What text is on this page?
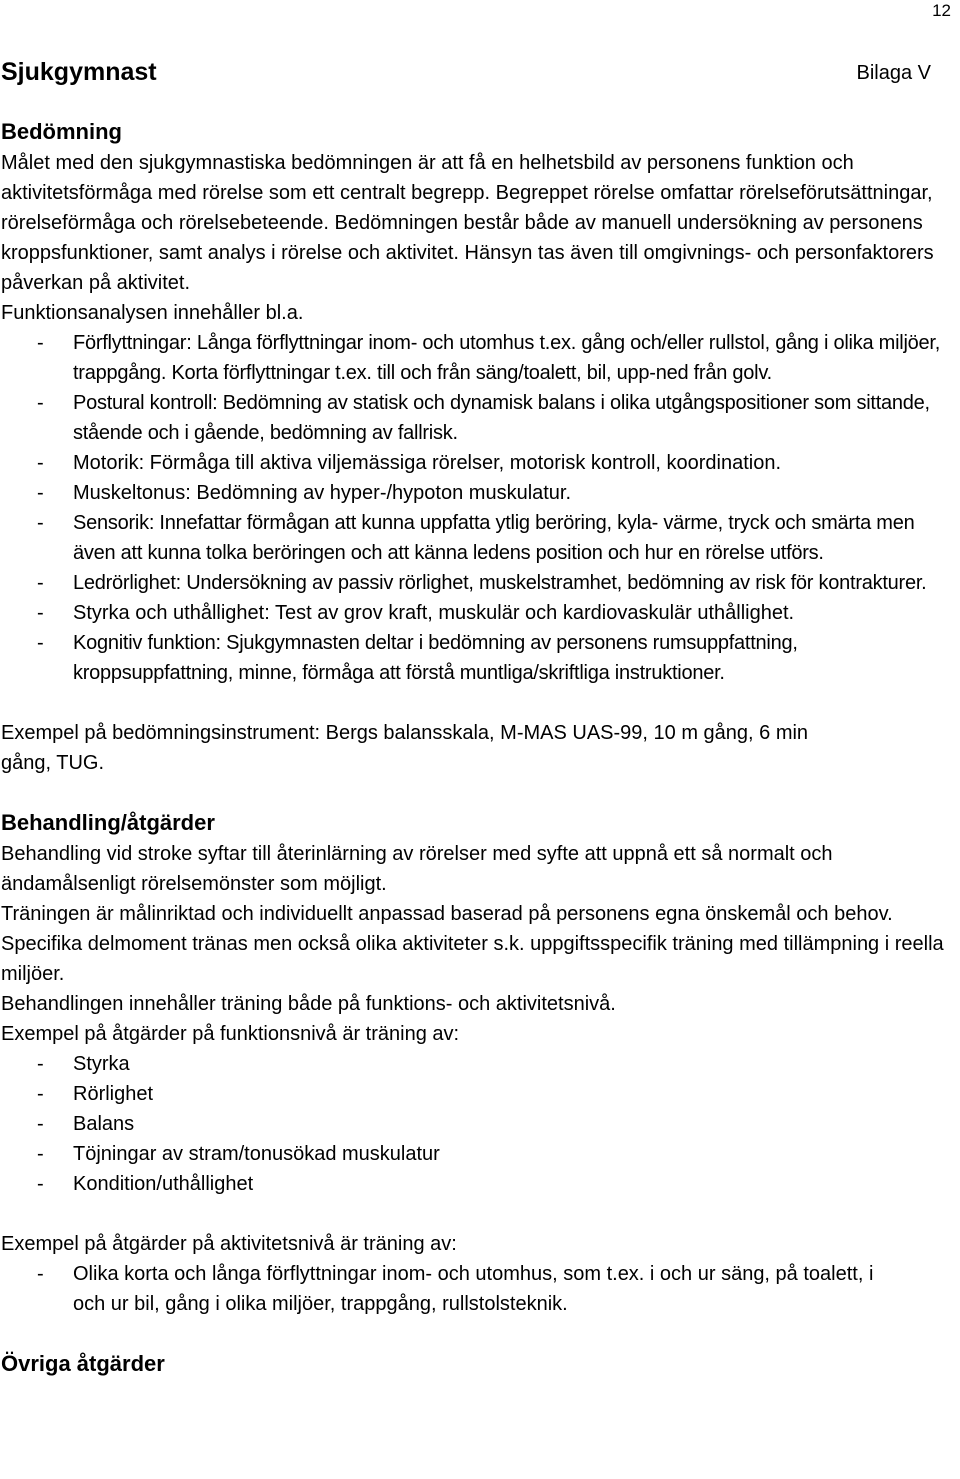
12
Sjukgymnast	Bilaga V
Bedömning

Målet med den sjukgymnastiska bedömningen är att få en helhetsbild av personens funktion och aktivitetsförmåga med rörelse som ett centralt begrepp. Begreppet rörelse omfattar rörelseförutsättningar, rörelseförmåga och rörelsebeteende. Bedömningen består både av manuell undersökning av personens kroppsfunktioner, samt analys i rörelse och aktivitet. Hänsyn tas även till omgivnings- och personfaktorers påverkan på aktivitet.

Funktionsanalysen innehåller bl.a.

- Förflyttningar: Långa förflyttningar inom- och utomhus t.ex. gång och/eller rullstol, gång i olika miljöer, trappgång. Korta förflyttningar t.ex. till och från säng/toalett, bil, upp-ned från golv.
- Postural kontroll: Bedömning av statisk och dynamisk balans i olika utgångspositioner som sittande, stående och i gående, bedömning av fallrisk.
- Motorik: Förmåga till aktiva viljemässiga rörelser, motorisk kontroll, koordination.
- Muskeltonus: Bedömning av hyper-/hypoton muskulatur.
- Sensorik: Innefattar förmågan att kunna uppfatta ytlig beröring, kyla- värme, tryck och smärta men även att kunna tolka beröringen och att känna ledens position och hur en rörelse utförs.
- Ledrörlighet: Undersökning av passiv rörlighet, muskelstramhet, bedömning av risk för kontrakturer.
- Styrka och uthållighet: Test av grov kraft, muskulär och kardiovaskulär uthållighet.
- Kognitiv funktion: Sjukgymnasten deltar i bedömning av personens rumsuppfattning, kroppsuppfattning, minne, förmåga att förstå muntliga/skriftliga instruktioner.

Exempel på bedömningsinstrument: Bergs balansskala, M-MAS UAS-99, 10 m gång, 6 min gång, TUG.

Behandling/åtgärder

Behandling vid stroke syftar till återinlärning av rörelser med syfte att uppnå ett så normalt och ändamålsenligt rörelsemönster som möjligt.

Träningen är målinriktad och individuellt anpassad baserad på personens egna önskemål och behov. Specifika delmoment tränas men också olika aktiviteter s.k. uppgiftsspecifik träning med tillämpning i reella miljöer.

Behandlingen innehåller träning både på funktions- och aktivitetsnivå.

Exempel på åtgärder på funktionsnivå är träning av:

- Styrka
- Rörlighet
- Balans
- Töjningar av stram/tonusökad muskulatur
- Kondition/uthållighet

Exempel på åtgärder på aktivitetsnivå är träning av:

- Olika korta och långa förflyttningar inom- och utomhus, som t.ex. i och ur säng, på toalett, i och ur bil, gång i olika miljöer, trappgång, rullstolsteknik.
Övriga åtgärder
